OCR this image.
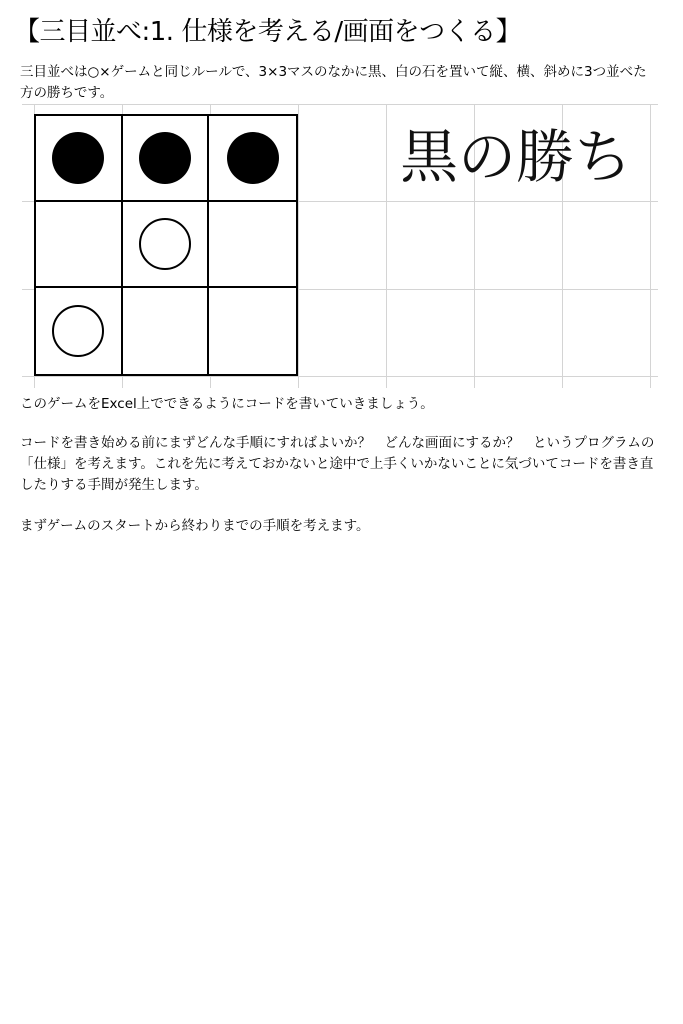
【三目並べ:1. 仕様を考える/画面をつくる】
三目並べは○×ゲームと同じルールで、3×3マスのなかに黒、白の石を置いて縦、横、斜めに3つ並べた方の勝ちです。
黒の勝ち
このゲームをExcel上でできるようにコードを書いていきましょう。
コードを書き始める前にまずどんな手順にすればよいか？　どんな画面にするか？　というプログラムの「仕様」を考えます。これを先に考えておかないと途中で上手くいかないことに気づいてコードを書き直したりする手間が発生します。
まずゲームのスタートから終わりまでの手順を考えます。
